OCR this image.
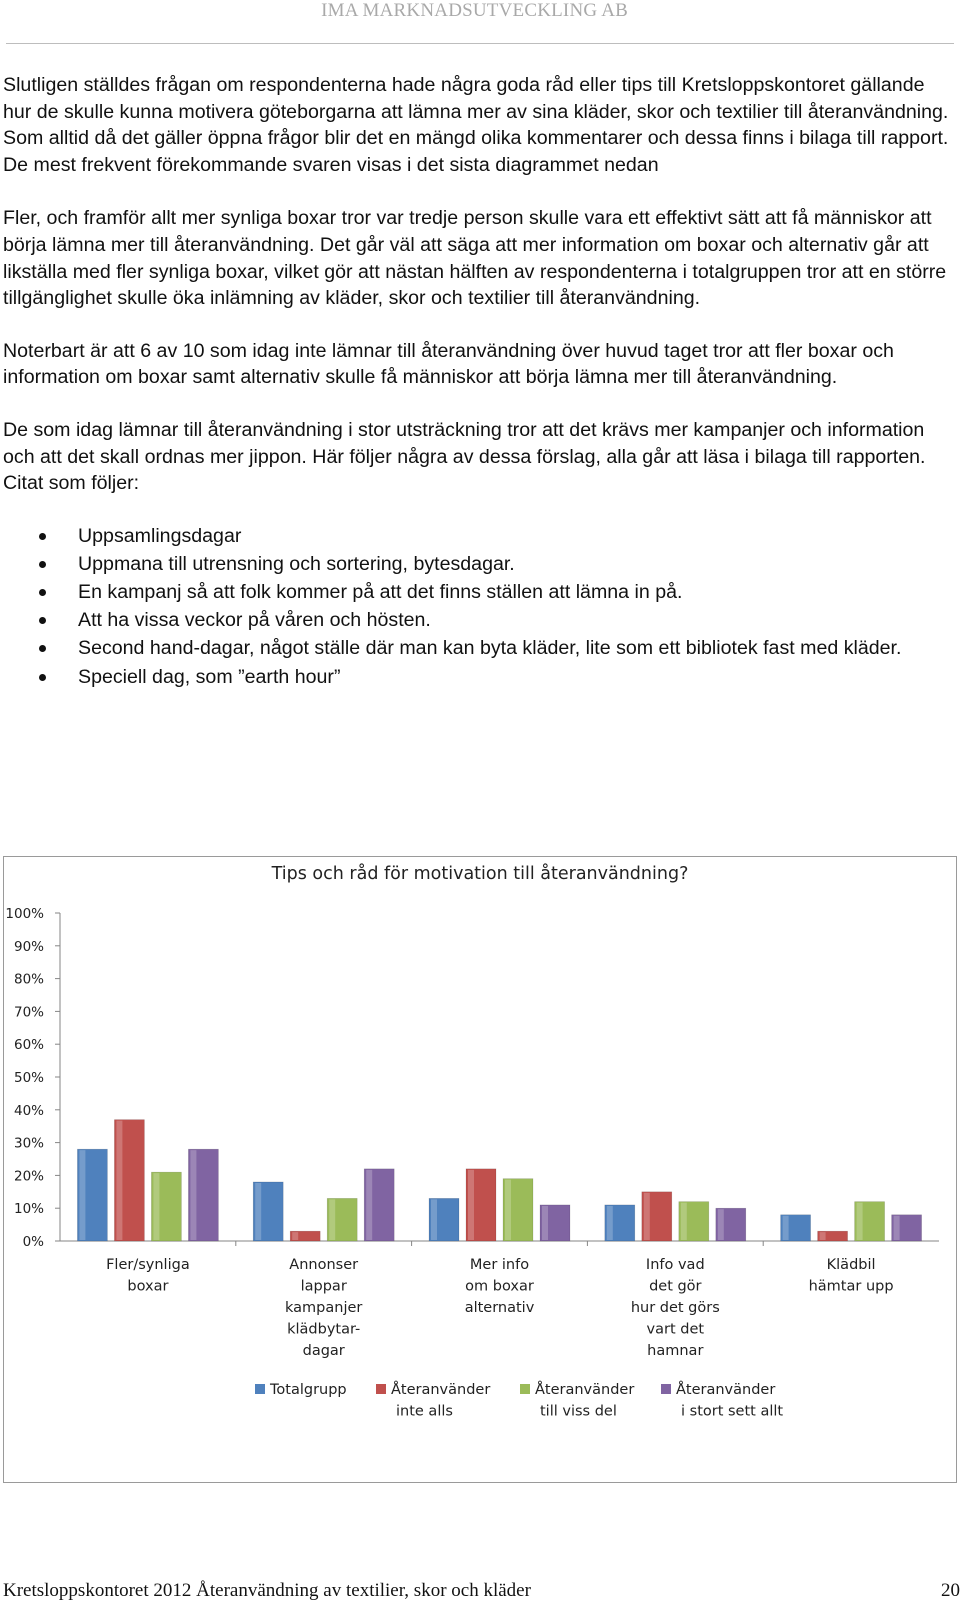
IMA MARKNADSUTVECKLING AB

Slutligen ställdes frågan om respondenterna hade några goda råd eller tips till Kretsloppskontoret gällande hur de skulle kunna motivera göteborgarna att lämna mer av sina kläder, skor och textilier till återanvändning. Som alltid då det gäller öppna frågor blir det en mängd olika kommentarer och dessa finns i bilaga till rapport. De mest frekvent förekommande svaren visas i det sista diagrammet nedan

Fler, och framför allt mer synliga boxar tror var tredje person skulle vara ett effektivt sätt att få människor att börja lämna mer till återanvändning. Det går väl att säga att mer information om boxar och alternativ går att likställa med fler synliga boxar, vilket gör att nästan hälften av respondenterna i totalgruppen tror att en större tillgänglighet skulle öka inlämning av kläder, skor och textilier till återanvändning.

Noterbart är att 6 av 10 som idag inte lämnar till återanvändning över huvud taget tror att fler boxar och information om boxar samt alternativ skulle få människor att börja lämna mer till återanvändning.

De som idag lämnar till återanvändning i stor utsträckning tror att det krävs mer kampanjer och information och att det skall ordnas mer jippon. Här följer några av dessa förslag, alla går att läsa i bilaga till rapporten. Citat som följer:

Uppsamlingsdagar
Uppmana till utrensning och sortering, bytesdagar.
En kampanj så att folk kommer på att det finns ställen att lämna in på.
Att ha vissa veckor på våren och hösten.
Second hand-dagar, något ställe där man kan byta kläder, lite som ett bibliotek fast med kläder.
Speciell dag, som ”earth hour”
Tips och råd för motivation till återanvändning?
0%
10%
20%
30%
40%
50%
60%
70%
80%
90%
100%
Fler/synliga boxar
Annonser lappar kampanjer klädbytar-dagar
Mer info om boxar alternativ
Info vad det gör hur det görs vart det hamnar
Klädbil hämtar upp
Totalgrupp	Återanvänder inte alls
Återanvänder till viss del
Återanvänder i stort sett allt
Kretsloppskontoret 2012 Återanvändning av textilier, skor och kläder	20
